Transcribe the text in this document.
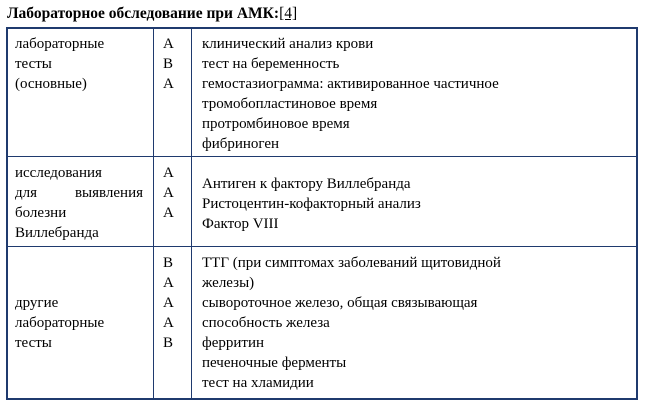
Лабораторное обследование при АМК:[4]
лабораторные
тесты
(основные)
A
B
A
клинический анализ крови
тест на беременность
гемостазиограмма: активированное частичное
тромобопластиновое время
протромбиновое время
фибриноген
исследования
для выявления
болезни
Виллебранда
A
A
A
Антиген к фактору Виллебранда
Ристоцентин-кофакторный анализ
Фактор VIII
другие
лабораторные
тесты
B
A
A
A
B
ТТГ (при симптомах заболеваний щитовидной
железы)
сывороточное железо, общая связывающая
способность железа
ферритин
печеночные ферменты
тест на хламидии
